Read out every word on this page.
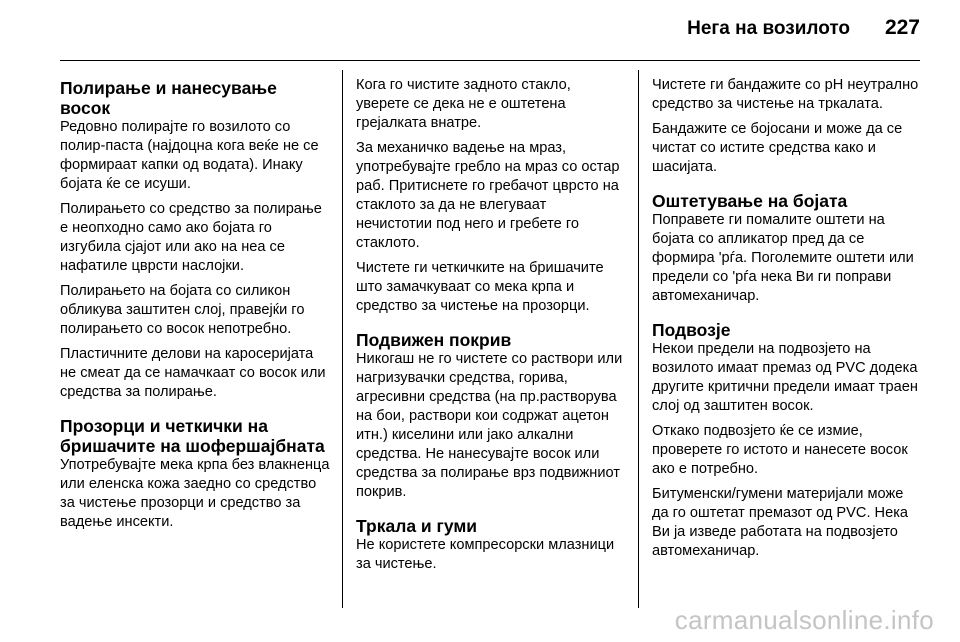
Нега на возилото 227
Полирање и нанесување восок

Редовно полирајте го возилото со полир-паста (најдоцна кога веќе не се формираат капки од водата). Инаку бојата ќе се исуши.

Полирањето со средство за полирање е неопходно само ако бојата го изгубила сјајот или ако на неа се нафатиле цврсти наслојки.

Полирањето на бојата со силикон обликува заштитен слој, правејќи го полирањето со восок непотребно.

Пластичните делови на каросеријата не смеат да се намачкаат со восок или средства за полирање.

Прозорци и четкички на бришачите на шофершајбната

Употребувајте мека крпа без влакненца или еленска кожа заедно со средство за чистење прозорци и средство за вадење инсекти.

Кога го чистите задното стакло, уверете се дека не е оштетена грејалката внатре.

За механичко вадење на мраз, употребувајте гребло на мраз со остар раб. Притиснете го гребачот цврсто на стаклото за да не влегуваат нечистотии под него и гребете го стаклото.

Чистете ги четкичките на бришачите што замачкуваат со мека крпа и средство за чистење на прозорци.

Подвижен покрив

Никогаш не го чистете со раствори или нагризувачки средства, горива, агресивни средства (на пр.растворува на бои, раствори кои содржат ацетон итн.) киселини или јако алкални средства. Не нанесувајте восок или средства за полирање врз подвижниот покрив.

Тркала и гуми

Не користете компресорски млазници за чистење.

Чистете ги бандажите со pH неутрално средство за чистење на тркалата.

Бандажите се бојосани и може да се чистат со истите средства како и шасијата.

Оштетување на бојата

Поправете ги помалите оштети на бојата со апликатор пред да се формира 'рѓа. Поголемите оштети или предели со 'рѓа нека Ви ги поправи автомеханичар.

Подвозје

Некои предели на подвозјето на возилото имаат премаз од PVC додека другите критични предели имаат траен слој од заштитен восок.

Откако подвозјето ќе се измие, проверете го истото и нанесете восок ако е потребно.

Битуменски/гумени материјали може да го оштетат премазот од PVC. Нека Ви ја изведе работата на подвозјето автомеханичар.

carmanualsonline.info
